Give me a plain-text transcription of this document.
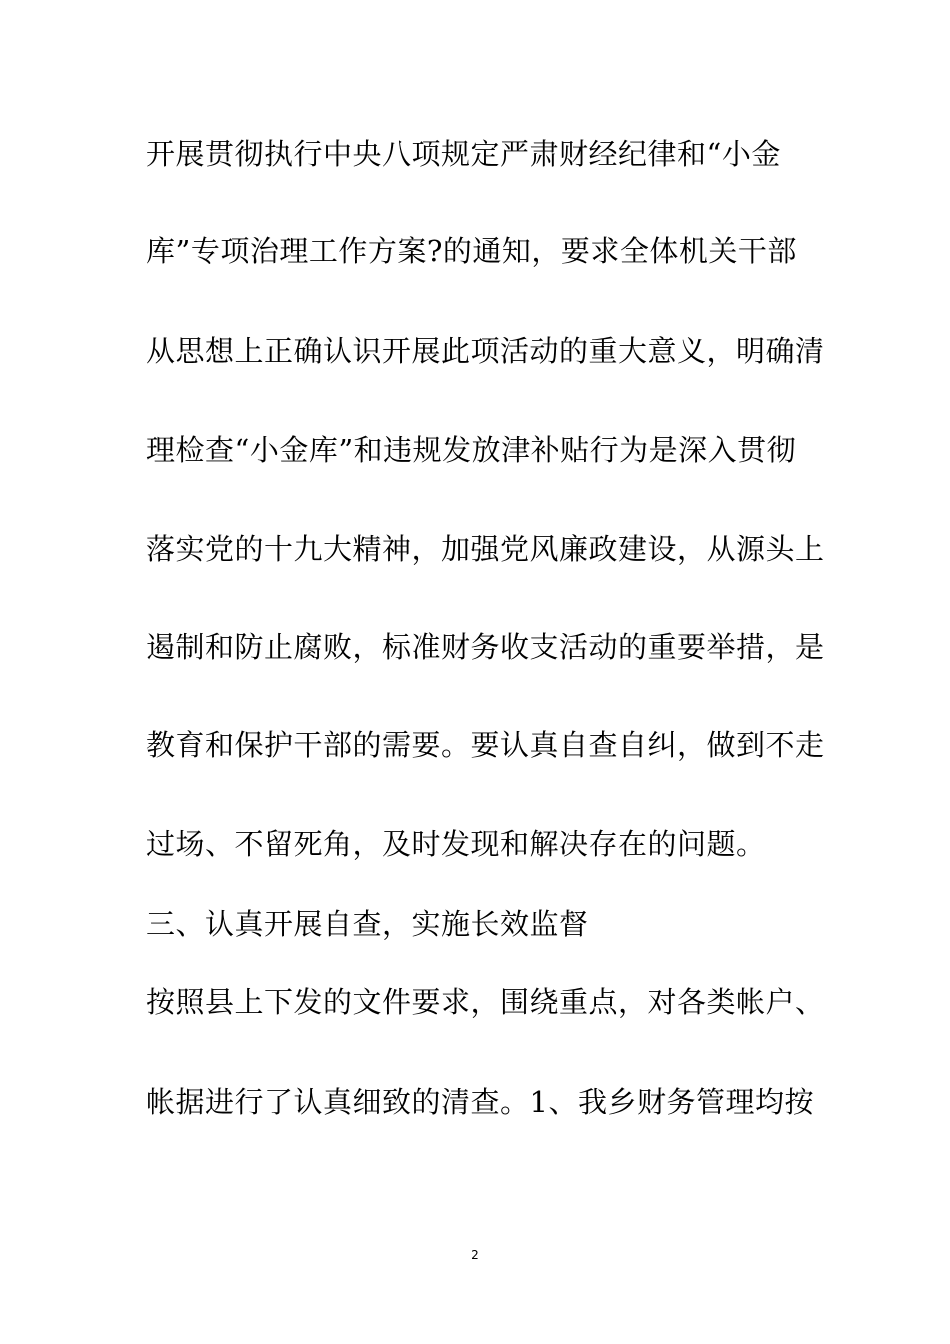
开展贯彻执行中央八项规定严肃财经纪律和“小金

库”专项治理工作方案?的通知，要求全体机关干部

从思想上正确认识开展此项活动的重大意义，明确清

理检查“小金库”和违规发放津补贴行为是深入贯彻

落实党的十九大精神，加强党风廉政建设，从源头上

遏制和防止腐败，标准财务收支活动的重要举措，是

教育和保护干部的需要。要认真自查自纠，做到不走

过场、不留死角，及时发现和解决存在的问题。

三、认真开展自查，实施长效监督

按照县上下发的文件要求，围绕重点，对各类帐户、

帐据进行了认真细致的清查。1、我乡财务管理均按

2
